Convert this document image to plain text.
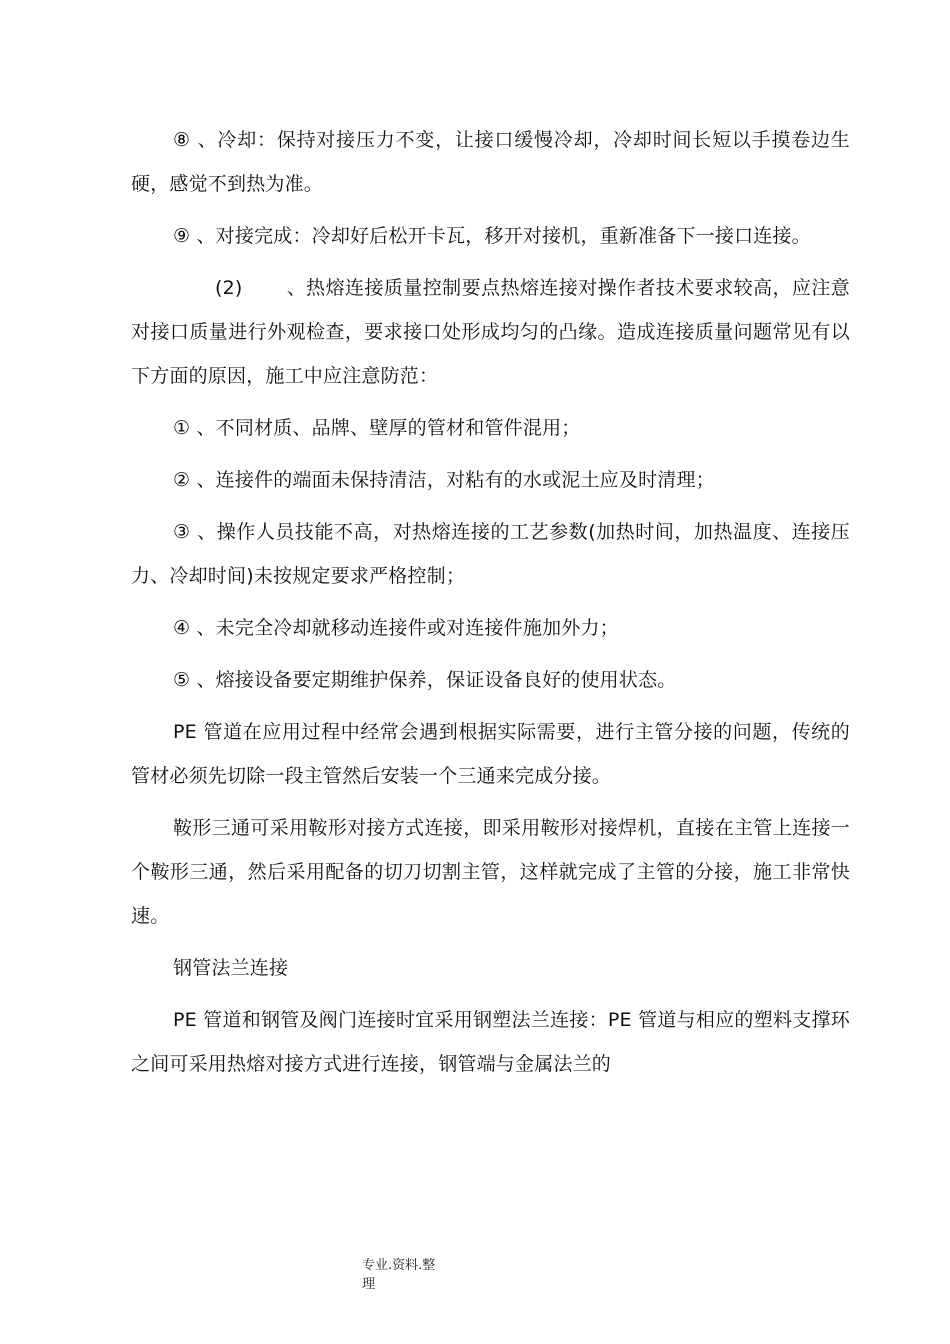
⑧ 、冷却：保持对接压力不变，让接口缓慢冷却，冷却时间长短以手摸卷边生硬，感觉不到热为准。

⑨ 、对接完成：冷却好后松开卡瓦，移开对接机，重新准备下一接口连接。

(2) 、热熔连接质量控制要点热熔连接对操作者技术要求较高，应注意对接口质量进行外观检查，要求接口处形成均匀的凸缘。造成连接质量问题常见有以下方面的原因，施工中应注意防范：

① 、不同材质、品牌、壁厚的管材和管件混用；

② 、连接件的端面未保持清洁，对粘有的水或泥土应及时清理；

③ 、操作人员技能不高，对热熔连接的工艺参数(加热时间，加热温度、连接压力、冷却时间)未按规定要求严格控制；

④ 、未完全冷却就移动连接件或对连接件施加外力；

⑤ 、熔接设备要定期维护保养，保证设备良好的使用状态。

PE 管道在应用过程中经常会遇到根据实际需要，进行主管分接的问题，传统的管材必须先切除一段主管然后安装一个三通来完成分接。

鞍形三通可采用鞍形对接方式连接，即采用鞍形对接焊机，直接在主管上连接一个鞍形三通，然后采用配备的切刀切割主管，这样就完成了主管的分接，施工非常快速。

钢管法兰连接

PE 管道和钢管及阀门连接时宜采用钢塑法兰连接：PE 管道与相应的塑料支撑环之间可采用热熔对接方式进行连接，钢管端与金属法兰的

专业.资料.整
理
